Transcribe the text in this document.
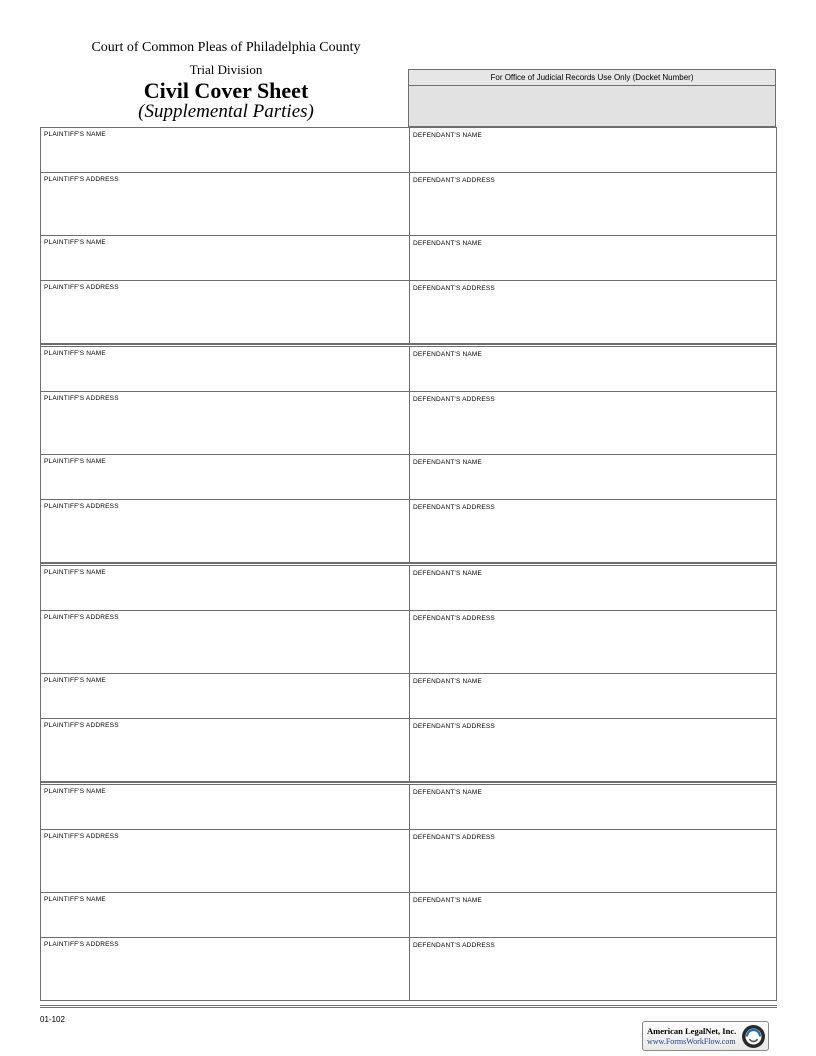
Court of Common Pleas of Philadelphia County
Trial Division
Civil Cover Sheet
(Supplemental Parties)
For Office of Judicial Records Use Only (Docket Number)
PLAINTIFF'S NAME	DEFENDANT'S NAME
PLAINTIFF'S ADDRESS	DEFENDANT'S ADDRESS
PLAINTIFF'S NAME	DEFENDANT'S NAME
PLAINTIFF'S ADDRESS	DEFENDANT'S ADDRESS
PLAINTIFF'S NAME	DEFENDANT'S NAME
PLAINTIFF'S ADDRESS	DEFENDANT'S ADDRESS
PLAINTIFF'S NAME	DEFENDANT'S NAME
PLAINTIFF'S ADDRESS	DEFENDANT'S ADDRESS
PLAINTIFF'S NAME	DEFENDANT'S NAME
PLAINTIFF'S ADDRESS	DEFENDANT'S ADDRESS
PLAINTIFF'S NAME	DEFENDANT'S NAME
PLAINTIFF'S ADDRESS	DEFENDANT'S ADDRESS
PLAINTIFF'S NAME	DEFENDANT'S NAME
PLAINTIFF'S ADDRESS	DEFENDANT'S ADDRESS
PLAINTIFF'S NAME	DEFENDANT'S NAME
PLAINTIFF'S ADDRESS	DEFENDANT'S ADDRESS
01-102
American LegalNet, Inc.
www.FormsWorkFlow.com
